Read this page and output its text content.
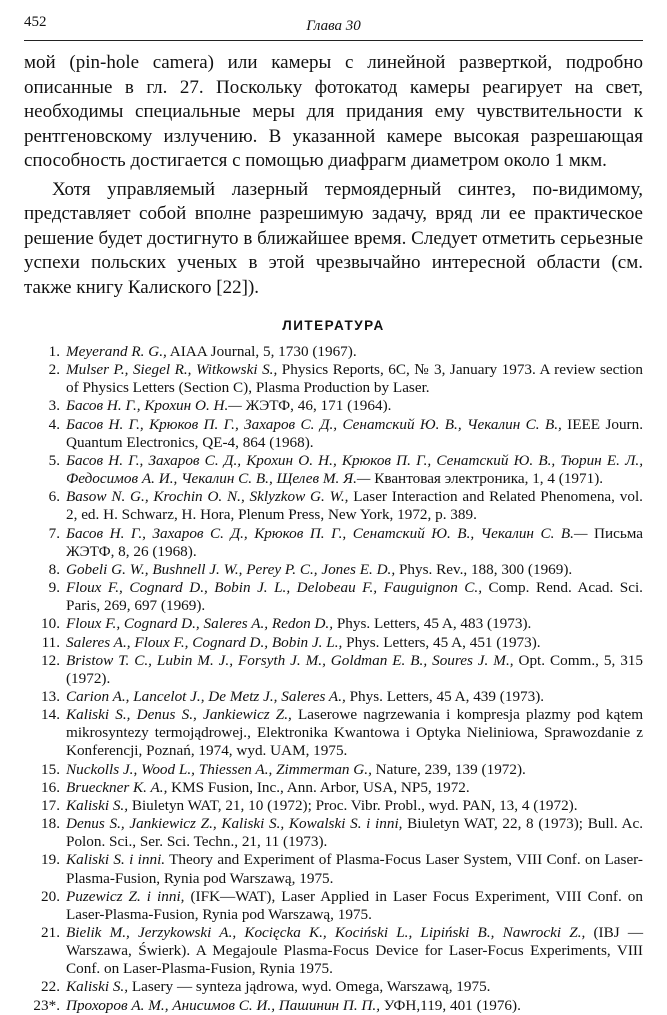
452	Глава 30

мой (pin-hole camera) или камеры с линейной разверткой, подробно описанные в гл. 27. Поскольку фотокатод камеры реагирует на свет, необходимы специальные меры для придания ему чувствительности к рентгеновскому излучению. В указанной камере высокая разрешающая способность достигается с помощью диафрагм диаметром около 1 мкм.

Хотя управляемый лазерный термоядерный синтез, по-видимому, представляет собой вполне разрешимую задачу, вряд ли ее практическое решение будет достигнуто в ближайшее время. Следует отметить серьезные успехи польских ученых в этой чрезвычайно интересной области (см. также книгу Калиского [22]).

ЛИТЕРАТУРА
1. Meyerand R. G., AIAA Journal, 5, 1730 (1967).
2. Mulser P., Siegel R., Witkowski S., Physics Reports, 6C, № 3, January 1973. A review section of Physics Letters (Section C), Plasma Production by Laser.
3. Басов Н. Г., Крохин О. Н.— ЖЭТФ, 46, 171 (1964).
4. Басов Н. Г., Крюков П. Г., Захаров С. Д., Сенатский Ю. В., Чекалин С. В., IEEE Journ. Quantum Electronics, QE-4, 864 (1968).
5. Басов Н. Г., Захаров С. Д., Крохин О. Н., Крюков П. Г., Сенатский Ю. В., Тюрин Е. Л., Федосимов А. И., Чекалин С. В., Щелев М. Я.— Квантовая электроника, 1, 4 (1971).
6. Basow N. G., Krochin O. N., Sklyzkow G. W., Laser Interaction and Related Phenomena, vol. 2, ed. H. Schwarz, H. Hora, Plenum Press, New York, 1972, p. 389.
7. Басов Н. Г., Захаров С. Д., Крюков П. Г., Сенатский Ю. В., Чекалин С. В.— Письма ЖЭТФ, 8, 26 (1968).
8. Gobeli G. W., Bushnell J. W., Perey P. C., Jones E. D., Phys. Rev., 188, 300 (1969).
9. Floux F., Cognard D., Bobin J. L., Delobeau F., Fauguignon C., Comp. Rend. Acad. Sci. Paris, 269, 697 (1969).
10. Floux F., Cognard D., Saleres A., Redon D., Phys. Letters, 45 A, 483 (1973).
11. Saleres A., Floux F., Cognard D., Bobin J. L., Phys. Letters, 45 A, 451 (1973).
12. Bristow T. C., Lubin M. J., Forsyth J. M., Goldman E. B., Soures J. M., Opt. Comm., 5, 315 (1972).
13. Carion A., Lancelot J., De Metz J., Saleres A., Phys. Letters, 45 A, 439 (1973).
14. Kaliski S., Denus S., Jankiewicz Z., Laserowe nagrzewania i kompresja plazmy pod kątem mikrosyntezy termojądrowej., Elektronika Kwantowa i Optyka Nieliniowa, Sprawozdanie z Konferencji, Poznań, 1974, wyd. UAM, 1975.
15. Nuckolls J., Wood L., Thiessen A., Zimmerman G., Nature, 239, 139 (1972).
16. Brueckner K. A., KMS Fusion, Inc., Ann. Arbor, USA, NP5, 1972.
17. Kaliski S., Biuletyn WAT, 21, 10 (1972); Proc. Vibr. Probl., wyd. PAN, 13, 4 (1972).
18. Denus S., Jankiewicz Z., Kaliski S., Kowalski S. i inni, Biuletyn WAT, 22, 8 (1973); Bull. Ac. Polon. Sci., Ser. Sci. Techn., 21, 11 (1973).
19. Kaliski S. i inni. Theory and Experiment of Plasma-Focus Laser System, VIII Conf. on Laser-Plasma-Fusion, Rynia pod Warszawą, 1975.
20. Puzewicz Z. i inni, (IFK—WAT), Laser Applied in Laser Focus Experiment, VIII Conf. on Laser-Plasma-Fusion, Rynia pod Warszawą, 1975.
21. Bielik M., Jerzykowski A., Kocięcka K., Kociński L., Lipiński B., Nawrocki Z., (IBJ — Warszawa, Świerk). A Megajoule Plasma-Focus Device for Laser-Focus Experiments, VIII Conf. on Laser-Plasma-Fusion, Rynia 1975.
22. Kaliski S., Lasery — synteza jądrowa, wyd. Omega, Warszawą, 1975.
23*. Прохоров А. М., Анисимов С. И., Пашинин П. П., УФН,119, 401 (1976).
